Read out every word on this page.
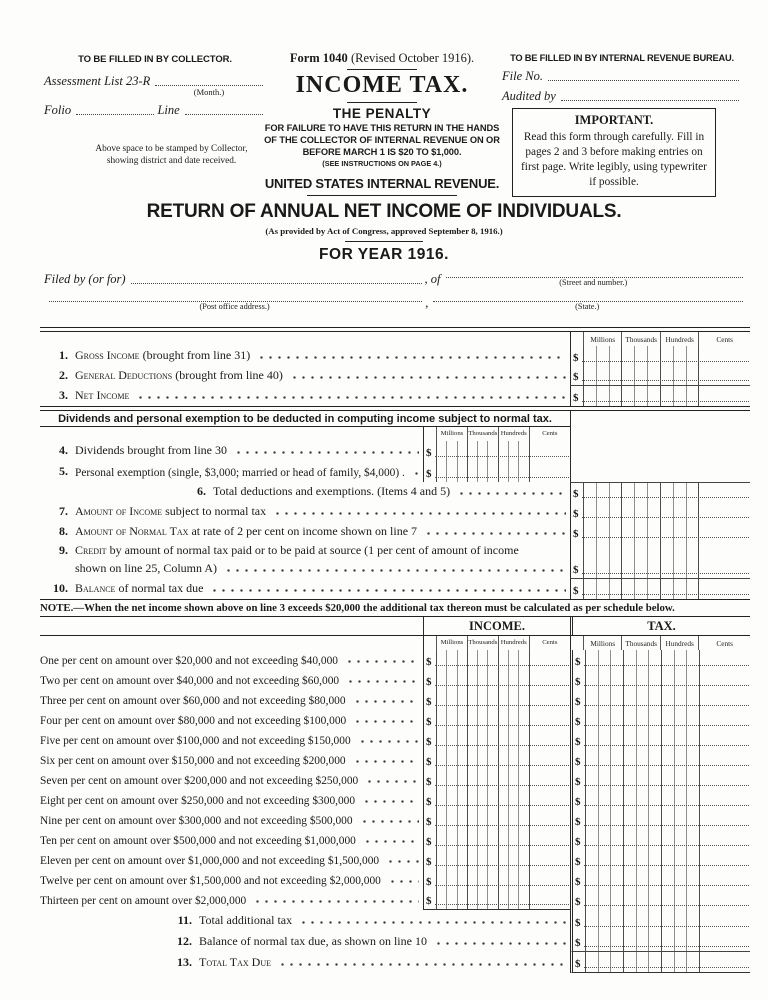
TO BE FILLED IN BY COLLECTOR.
Assessment List 23-R
(Month.)
Folio	Line
Above space to be stamped by Collector,
showing district and date received.
Form 1040 (Revised October 1916).
INCOME TAX.
THE PENALTY
FOR FAILURE TO HAVE THIS RETURN IN THE HANDS OF THE COLLECTOR OF INTERNAL REVENUE ON OR BEFORE MARCH 1 IS $20 TO $1,000.
(SEE INSTRUCTIONS ON PAGE 4.)
UNITED STATES INTERNAL REVENUE.
TO BE FILLED IN BY INTERNAL REVENUE BUREAU.
File No.
Audited by
IMPORTANT.
Read this form through carefully. Fill in pages 2 and 3 before making entries on first page. Write legibly, using typewriter if possible.
RETURN OF ANNUAL NET INCOME OF INDIVIDUALS.
(As provided by Act of Congress, approved September 8, 1916.)
FOR YEAR 1916.
Filed by (or for)	, of	(Street and number.)
(Post office address.)	,	(State.)
Millions	Thousands	Hundreds	Cents
1. Gross Income (brought from line 31)	$
2. General Deductions (brought from line 40)	$
3. Net Income	$
Dividends and personal exemption to be deducted in computing income subject to normal tax.
Millions Thousands Hundreds	Cents
4. Dividends brought from line 30	$
5. Personal exemption (single, $3,000; married or head of family, $4,000) . $
6. Total deductions and exemptions. (Items 4 and 5)	$
7. Amount of Income subject to normal tax	$
8. Amount of Normal Tax at rate of 2 per cent on income shown on line 7	$
9. Credit by amount of normal tax paid or to be paid at source (1 per cent of amount of income
shown on line 25, Column A)	$
10. Balance of normal tax due	$
NOTE.—When the net income shown above on line 3 exceeds $20,000 the additional tax thereon must be calculated as per schedule below.
INCOME.	TAX.
Millions Thousands Hundreds	Cents	Millions	Thousands	Hundreds	Cents
One per cent on amount over $20,000 and not exceeding $40,000	$	$
Two per cent on amount over $40,000 and not exceeding $60,000	$	$
Three per cent on amount over $60,000 and not exceeding $80,000	$	$
Four per cent on amount over $80,000 and not exceeding $100,000	$	$
Five per cent on amount over $100,000 and not exceeding $150,000	$	$
Six per cent on amount over $150,000 and not exceeding $200,000	$	$
Seven per cent on amount over $200,000 and not exceeding $250,000	$	$
Eight per cent on amount over $250,000 and not exceeding $300,000	$	$
Nine per cent on amount over $300,000 and not exceeding $500,000	$	$
Ten per cent on amount over $500,000 and not exceeding $1,000,000	$	$
Eleven per cent on amount over $1,000,000 and not exceeding $1,500,000	$	$
Twelve per cent on amount over $1,500,000 and not exceeding $2,000,000	$	$
Thirteen per cent on amount over $2,000,000	$	$
11. Total additional tax	$
12. Balance of normal tax due, as shown on line 10	$
13. Total Tax Due	$
